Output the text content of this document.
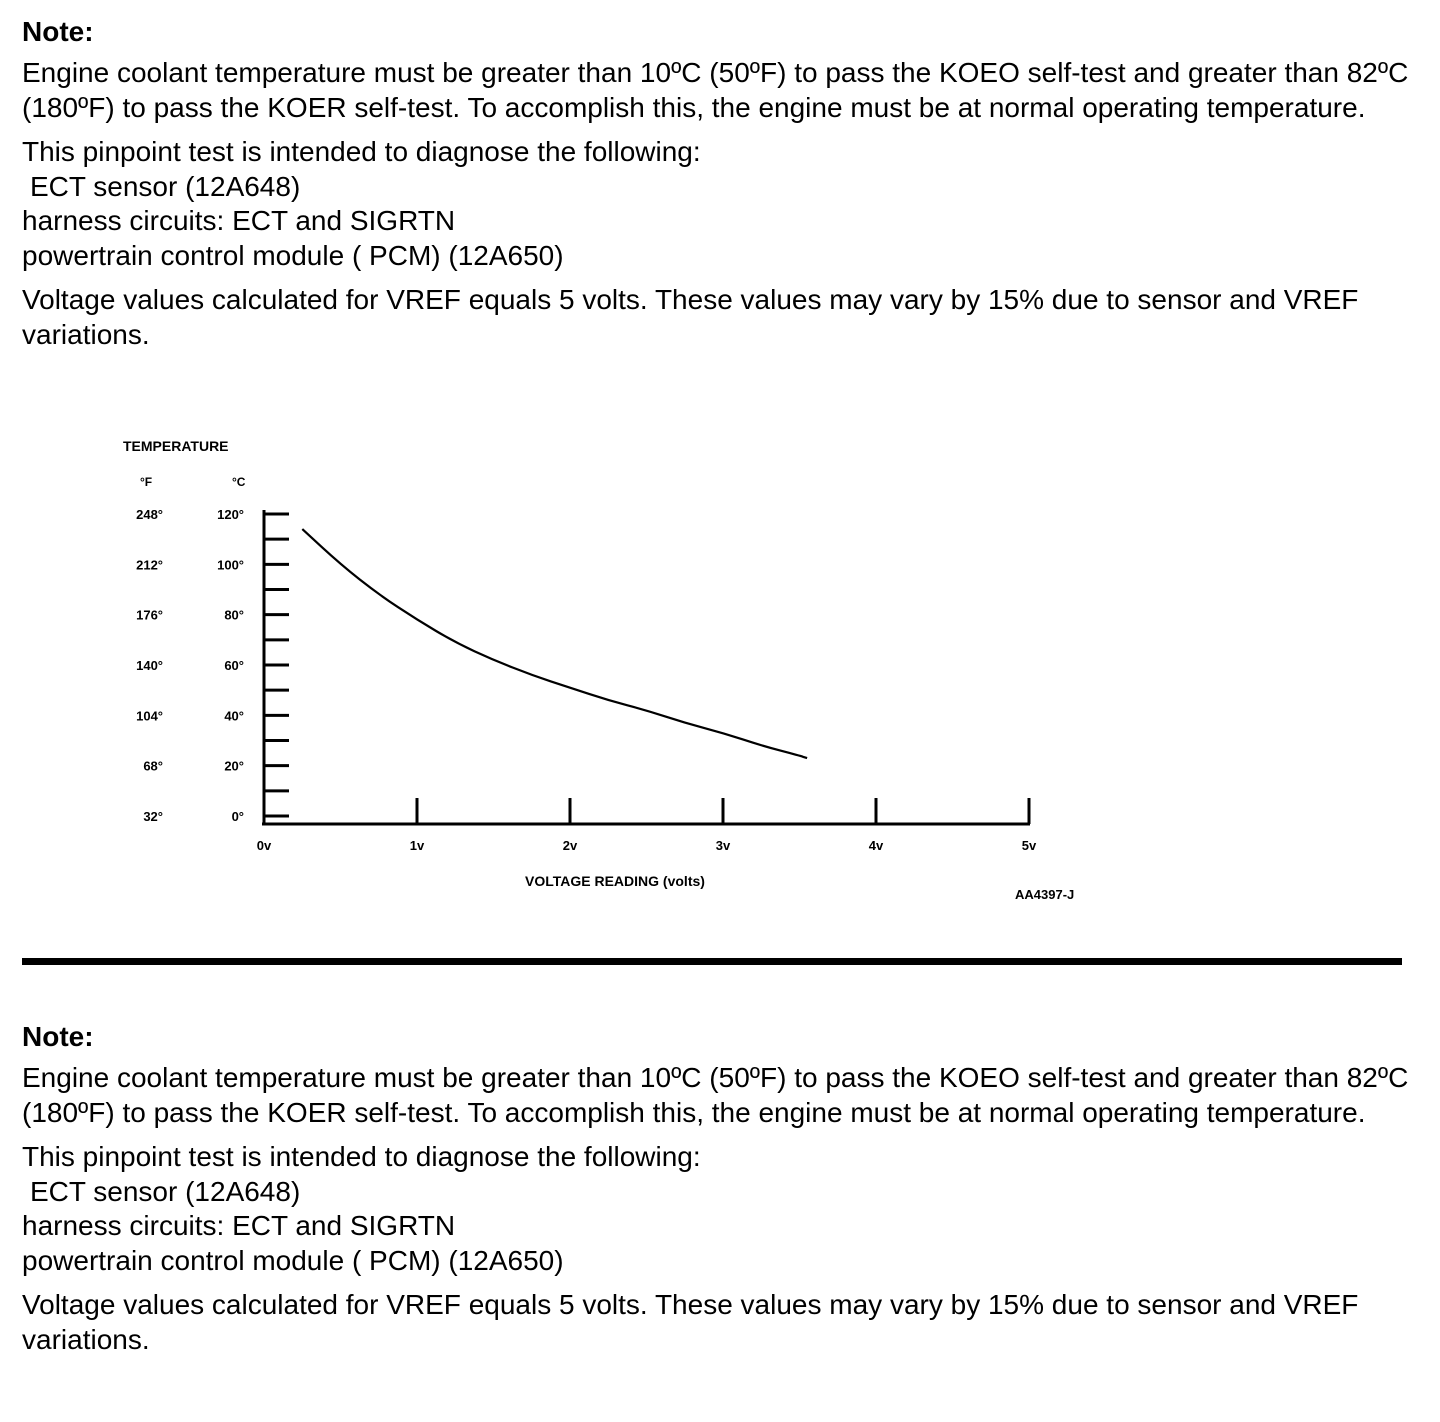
Note:

Engine coolant temperature must be greater than 10ºC (50ºF) to pass the KOEO self-test and greater than 82ºC (180ºF) to pass the KOER self-test. To accomplish this, the engine must be at normal operating temperature.

This pinpoint test is intended to diagnose the following:
ECT sensor (12A648)
harness circuits: ECT and SIGRTN
powertrain control module ( PCM) (12A650)

Voltage values calculated for VREF equals 5 volts. These values may vary by 15% due to sensor and VREF variations.

TEMPERATURE
°F	°C
0°
32°
20°
68°
40°
104°
60°
140°
80°
176°
100°
212°
120°
248°
0v	1v	2v	3v	4v	5v
VOLTAGE READING (volts)
AA4397-J
Note:

Engine coolant temperature must be greater than 10ºC (50ºF) to pass the KOEO self-test and greater than 82ºC (180ºF) to pass the KOER self-test. To accomplish this, the engine must be at normal operating temperature.

This pinpoint test is intended to diagnose the following:
ECT sensor (12A648)
harness circuits: ECT and SIGRTN
powertrain control module ( PCM) (12A650)

Voltage values calculated for VREF equals 5 volts. These values may vary by 15% due to sensor and VREF variations.
